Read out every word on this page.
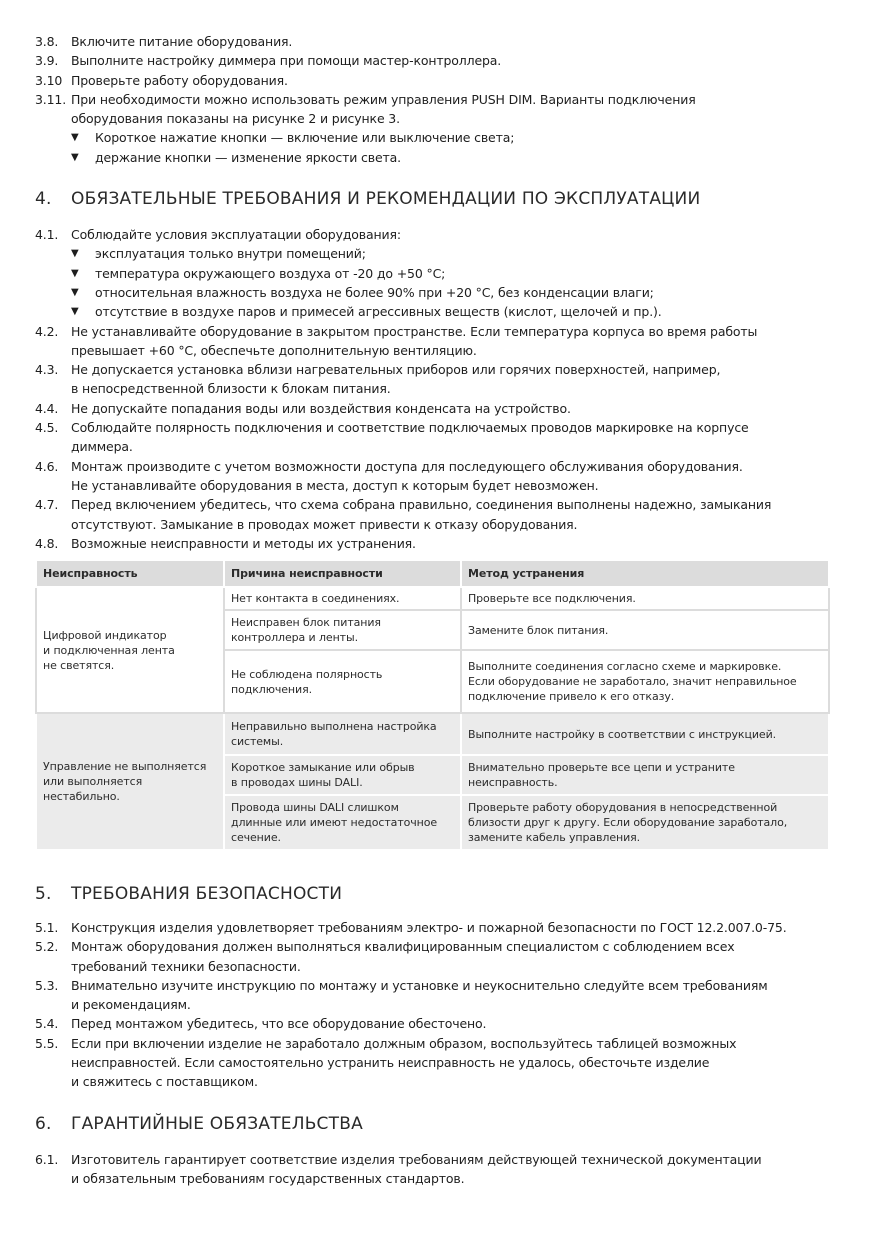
3.8. Включите питание оборудования.
3.9. Выполните настройку диммера при помощи мастер-контроллера.
3.10 Проверьте работу оборудования.
3.11. При необходимости можно использовать режим управления PUSH DIM. Варианты подключения
оборудования показаны на рисунке 2 и рисунке 3.
▼ Короткое нажатие кнопки — включение или выключение света;
▼ держание кнопки — изменение яркости света.
4. ОБЯЗАТЕЛЬНЫЕ ТРЕБОВАНИЯ И РЕКОМЕНДАЦИИ ПО ЭКСПЛУАТАЦИИ
4.1. Соблюдайте условия эксплуатации оборудования:
▼ эксплуатация только внутри помещений;
▼ температура окружающего воздуха от -20 до +50 °C;
▼ относительная влажность воздуха не более 90% при +20 °C, без конденсации влаги;
▼ отсутствие в воздухе паров и примесей агрессивных веществ (кислот, щелочей и пр.).
4.2. Не устанавливайте оборудование в закрытом пространстве. Если температура корпуса во время работы
превышает +60 °C, обеспечьте дополнительную вентиляцию.
4.3. Не допускается установка вблизи нагревательных приборов или горячих поверхностей, например,
в непосредственной близости к блокам питания.
4.4. Не допускайте попадания воды или воздействия конденсата на устройство.
4.5. Соблюдайте полярность подключения и соответствие подключаемых проводов маркировке на корпусе
диммера.
4.6. Монтаж производите с учетом возможности доступа для последующего обслуживания оборудования.
Не устанавливайте оборудования в места, доступ к которым будет невозможен.
4.7. Перед включением убедитесь, что схема собрана правильно, соединения выполнены надежно, замыкания
отсутствуют. Замыкание в проводах может привести к отказу оборудования.
4.8. Возможные неисправности и методы их устранения.
Неисправность	Причина неисправности	Метод устранения
Цифровой индикатор
и подключенная лента
не светятся.	Нет контакта в соединениях.	Проверьте все подключения.
	Неисправен блок питания
контроллера и ленты.	Замените блок питания.
	Не соблюдена полярность
подключения.	Выполните соединения согласно схеме и маркировке.
Если оборудование не заработало, значит неправильное
подключение привело к его отказу.
Управление не выполняется
или выполняется
нестабильно.	Неправильно выполнена настройка
системы.	Выполните настройку в соответствии с инструкцией.
	Короткое замыкание или обрыв
в проводах шины DALI.	Внимательно проверьте все цепи и устраните
неисправность.
	Провода шины DALI слишком
длинные или имеют недостаточное
сечение.	Проверьте работу оборудования в непосредственной
близости друг к другу. Если оборудование заработало,
замените кабель управления.
5. ТРЕБОВАНИЯ БЕЗОПАСНОСТИ
5.1. Конструкция изделия удовлетворяет требованиям электро- и пожарной безопасности по ГОСТ 12.2.007.0-75.
5.2. Монтаж оборудования должен выполняться квалифицированным специалистом с соблюдением всех
требований техники безопасности.
5.3. Внимательно изучите инструкцию по монтажу и установке и неукоснительно следуйте всем требованиям
и рекомендациям.
5.4. Перед монтажом убедитесь, что все оборудование обесточено.
5.5. Если при включении изделие не заработало должным образом, воспользуйтесь таблицей возможных
неисправностей. Если самостоятельно устранить неисправность не удалось, обесточьте изделие
и свяжитесь с поставщиком.
6. ГАРАНТИЙНЫЕ ОБЯЗАТЕЛЬСТВА
6.1. Изготовитель гарантирует соответствие изделия требованиям действующей технической документации
и обязательным требованиям государственных стандартов.
